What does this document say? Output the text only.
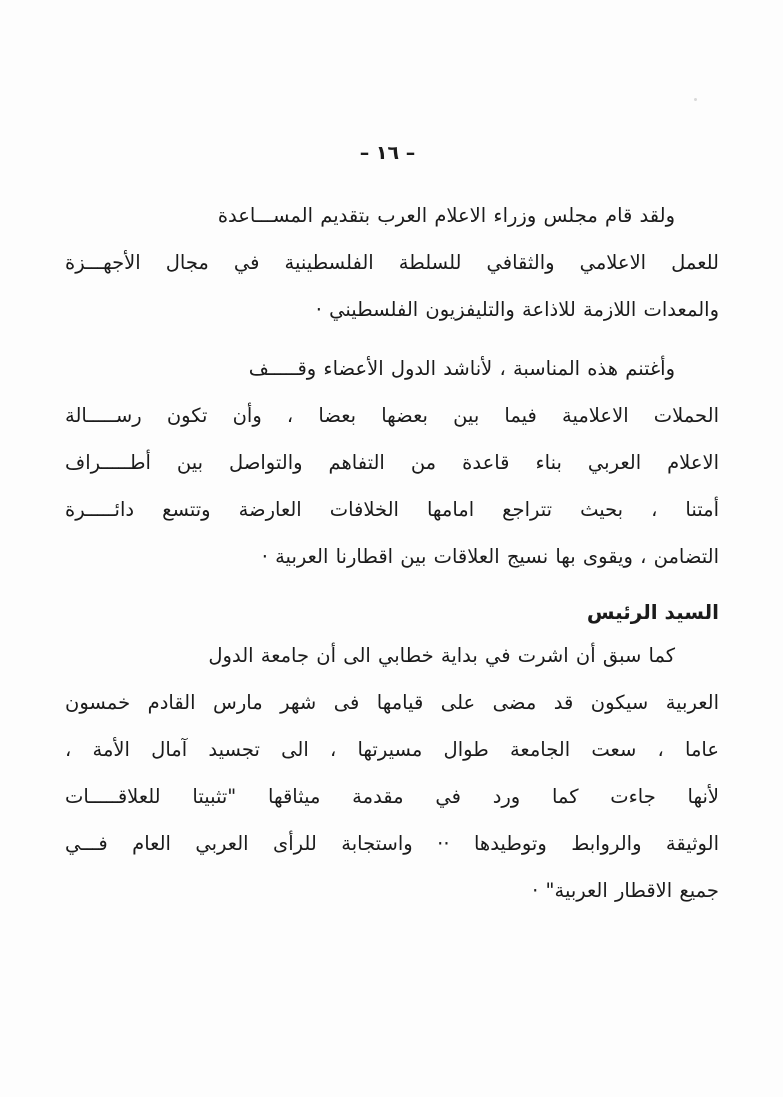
– ١٦ –
ولقد قام مجلس وزراء الاعلام العرب بتقديم المســـاعدة
للعمل الاعلامي والثقافي للسلطة الفلسطينية في مجال الأجهـــزة
والمعدات اللازمة للاذاعة والتليفزيون الفلسطيني ·
وأغتنم هذه المناسبة ، لأناشد الدول الأعضاء وقـــــف
الحملات الاعلامية فيما بين بعضها بعضا ، وأن تكون رســـــالة
الاعلام العربي بناء قاعدة من التفاهم والتواصل بين أطـــــراف
أمتنا ، بحيث تتراجع امامها الخلافات العارضة وتتسع دائـــــرة
التضامن ، ويقوى بها نسيج العلاقات بين اقطارنا العربية ·
السيد الرئيس
كما سبق أن اشرت في بداية خطابي الى أن جامعة الدول
العربية سيكون قد مضى على قيامها فى شهر مارس القادم خمسون
عاما ، سعت الجامعة طوال مسيرتها ، الى تجسيد آمال الأمة ،
لأنها جاءت كما ورد في مقدمة ميثاقها "تثبيتا للعلاقـــــات
الوثيقة والروابط وتوطيدها ·· واستجابة للرأى العربي العام فـــي
جميع الاقطار العربية" ·
